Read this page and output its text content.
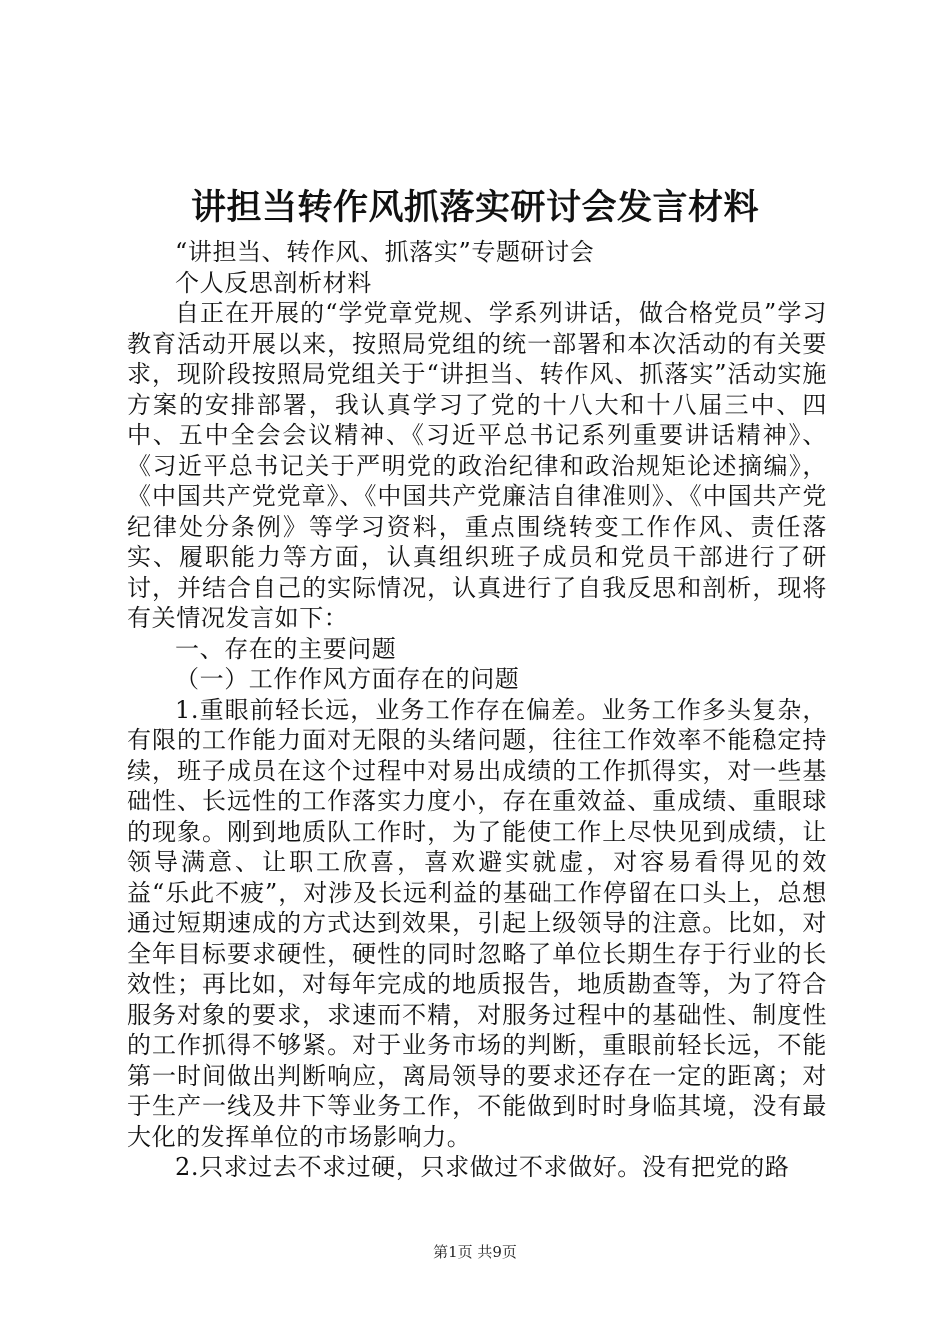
讲担当转作风抓落实研讨会发言材料

“讲担当、转作风、抓落实”专题研讨会

个人反思剖析材料

自正在开展的“学党章党规、学系列讲话，做合格党员”学习教育活动开展以来，按照局党组的统一部署和本次活动的有关要求，现阶段按照局党组关于“讲担当、转作风、抓落实”活动实施方案的安排部署，我认真学习了党的十八大和十八届三中、四中、五中全会会议精神、《习近平总书记系列重要讲话精神》、《习近平总书记关于严明党的政治纪律和政治规矩论述摘编》，《中国共产党党章》、《中国共产党廉洁自律准则》、《中国共产党纪律处分条例》等学习资料，重点围绕转变工作作风、责任落实、履职能力等方面，认真组织班子成员和党员干部进行了研讨，并结合自己的实际情况，认真进行了自我反思和剖析，现将有关情况发言如下：

一、存在的主要问题

（一）工作作风方面存在的问题

1.重眼前轻长远，业务工作存在偏差。业务工作多头复杂，有限的工作能力面对无限的头绪问题，往往工作效率不能稳定持续，班子成员在这个过程中对易出成绩的工作抓得实，对一些基础性、长远性的工作落实力度小，存在重效益、重成绩、重眼球的现象。刚到地质队工作时，为了能使工作上尽快见到成绩，让领导满意、让职工欣喜，喜欢避实就虚，对容易看得见的效益“乐此不疲”，对涉及长远利益的基础工作停留在口头上，总想通过短期速成的方式达到效果，引起上级领导的注意。比如，对全年目标要求硬性，硬性的同时忽略了单位长期生存于行业的长效性；再比如，对每年完成的地质报告，地质勘查等，为了符合服务对象的要求，求速而不精，对服务过程中的基础性、制度性的工作抓得不够紧。对于业务市场的判断，重眼前轻长远，不能第一时间做出判断响应，离局领导的要求还存在一定的距离；对于生产一线及井下等业务工作，不能做到时时身临其境，没有最大化的发挥单位的市场影响力。

2.只求过去不求过硬，只求做过不求做好。没有把党的路

第1页 共9页
